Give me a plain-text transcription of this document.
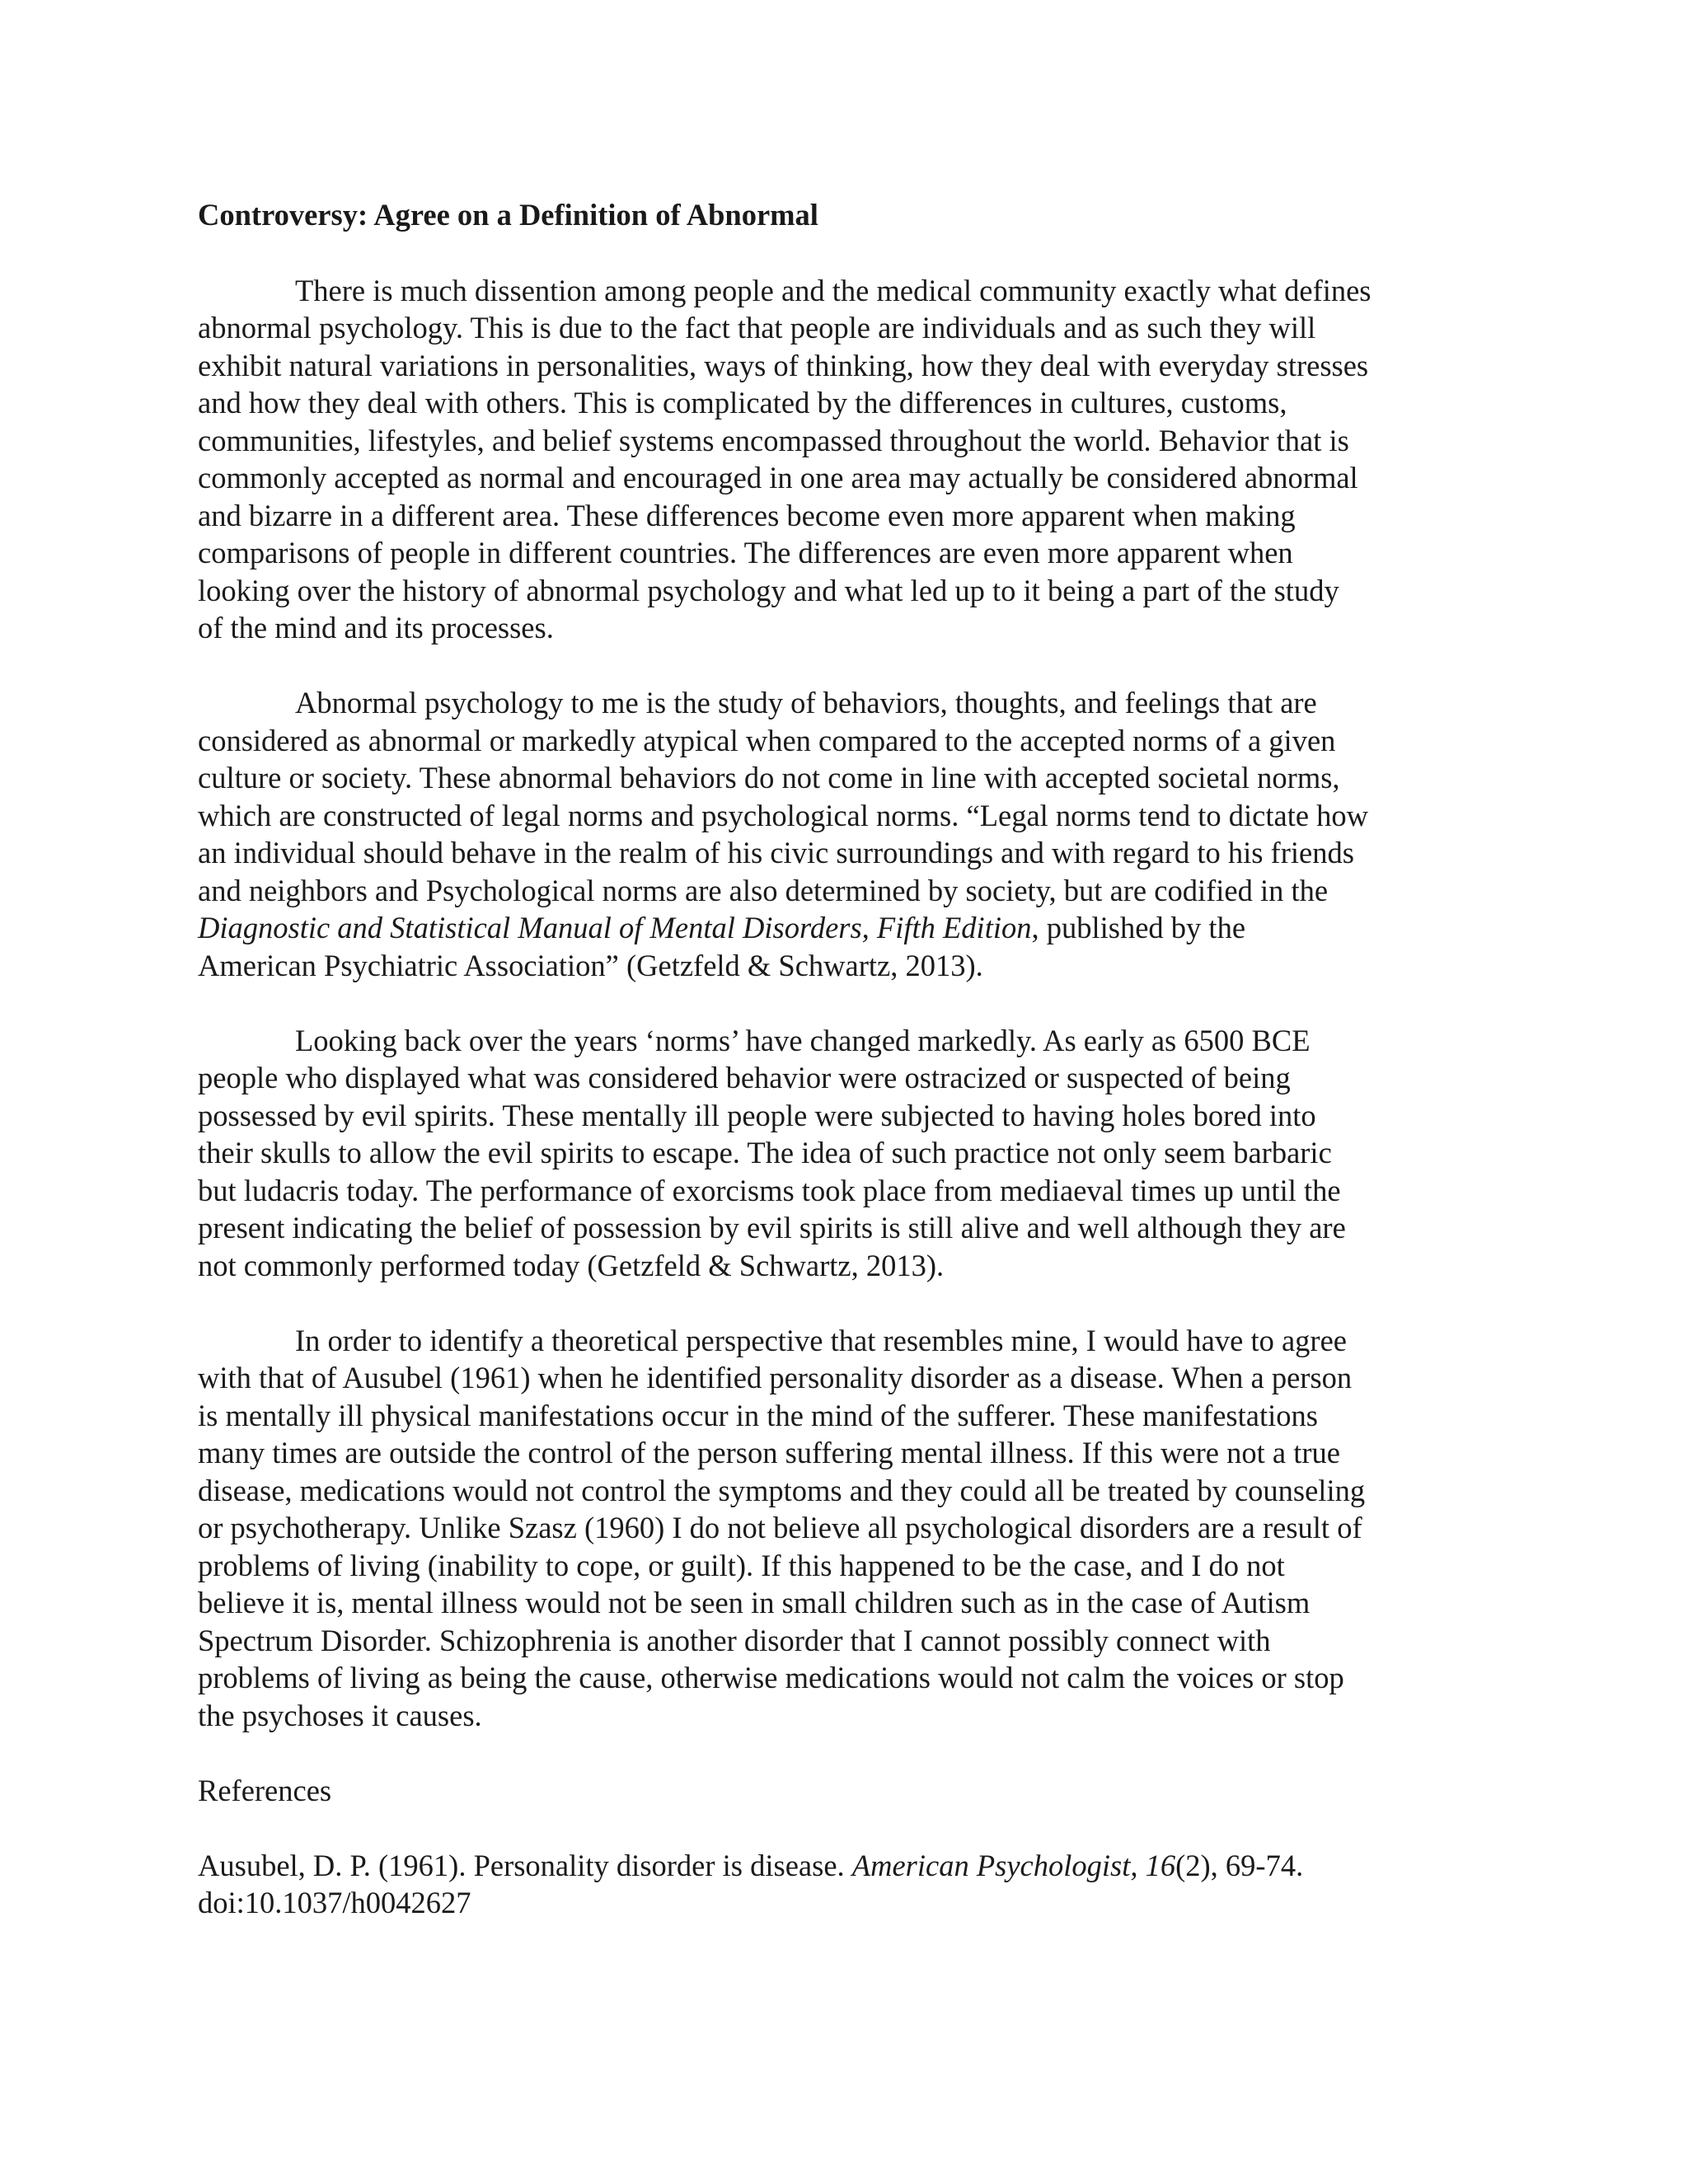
Controversy: Agree on a Definition of Abnormal
There is much dissention among people and the medical community exactly what defines
abnormal psychology. This is due to the fact that people are individuals and as such they will
exhibit natural variations in personalities, ways of thinking, how they deal with everyday stresses
and how they deal with others. This is complicated by the differences in cultures, customs,
communities, lifestyles, and belief systems encompassed throughout the world. Behavior that is
commonly accepted as normal and encouraged in one area may actually be considered abnormal
and bizarre in a different area. These differences become even more apparent when making
comparisons of people in different countries. The differences are even more apparent when
looking over the history of abnormal psychology and what led up to it being a part of the study
of the mind and its processes.
Abnormal psychology to me is the study of behaviors, thoughts, and feelings that are
considered as abnormal or markedly atypical when compared to the accepted norms of a given
culture or society. These abnormal behaviors do not come in line with accepted societal norms,
which are constructed of legal norms and psychological norms. “Legal norms tend to dictate how
an individual should behave in the realm of his civic surroundings and with regard to his friends
and neighbors and Psychological norms are also determined by society, but are codified in the
Diagnostic and Statistical Manual of Mental Disorders, Fifth Edition, published by the
American Psychiatric Association” (Getzfeld & Schwartz, 2013).
Looking back over the years ‘norms’ have changed markedly. As early as 6500 BCE
people who displayed what was considered behavior were ostracized or suspected of being
possessed by evil spirits. These mentally ill people were subjected to having holes bored into
their skulls to allow the evil spirits to escape. The idea of such practice not only seem barbaric
but ludacris today. The performance of exorcisms took place from mediaeval times up until the
present indicating the belief of possession by evil spirits is still alive and well although they are
not commonly performed today (Getzfeld & Schwartz, 2013).
In order to identify a theoretical perspective that resembles mine, I would have to agree
with that of Ausubel (1961) when he identified personality disorder as a disease. When a person
is mentally ill physical manifestations occur in the mind of the sufferer. These manifestations
many times are outside the control of the person suffering mental illness. If this were not a true
disease, medications would not control the symptoms and they could all be treated by counseling
or psychotherapy. Unlike Szasz (1960) I do not believe all psychological disorders are a result of
problems of living (inability to cope, or guilt). If this happened to be the case, and I do not
believe it is, mental illness would not be seen in small children such as in the case of Autism
Spectrum Disorder. Schizophrenia is another disorder that I cannot possibly connect with
problems of living as being the cause, otherwise medications would not calm the voices or stop
the psychoses it causes.
References
Ausubel, D. P. (1961). Personality disorder is disease. American Psychologist, 16(2), 69-74.
doi:10.1037/h0042627
